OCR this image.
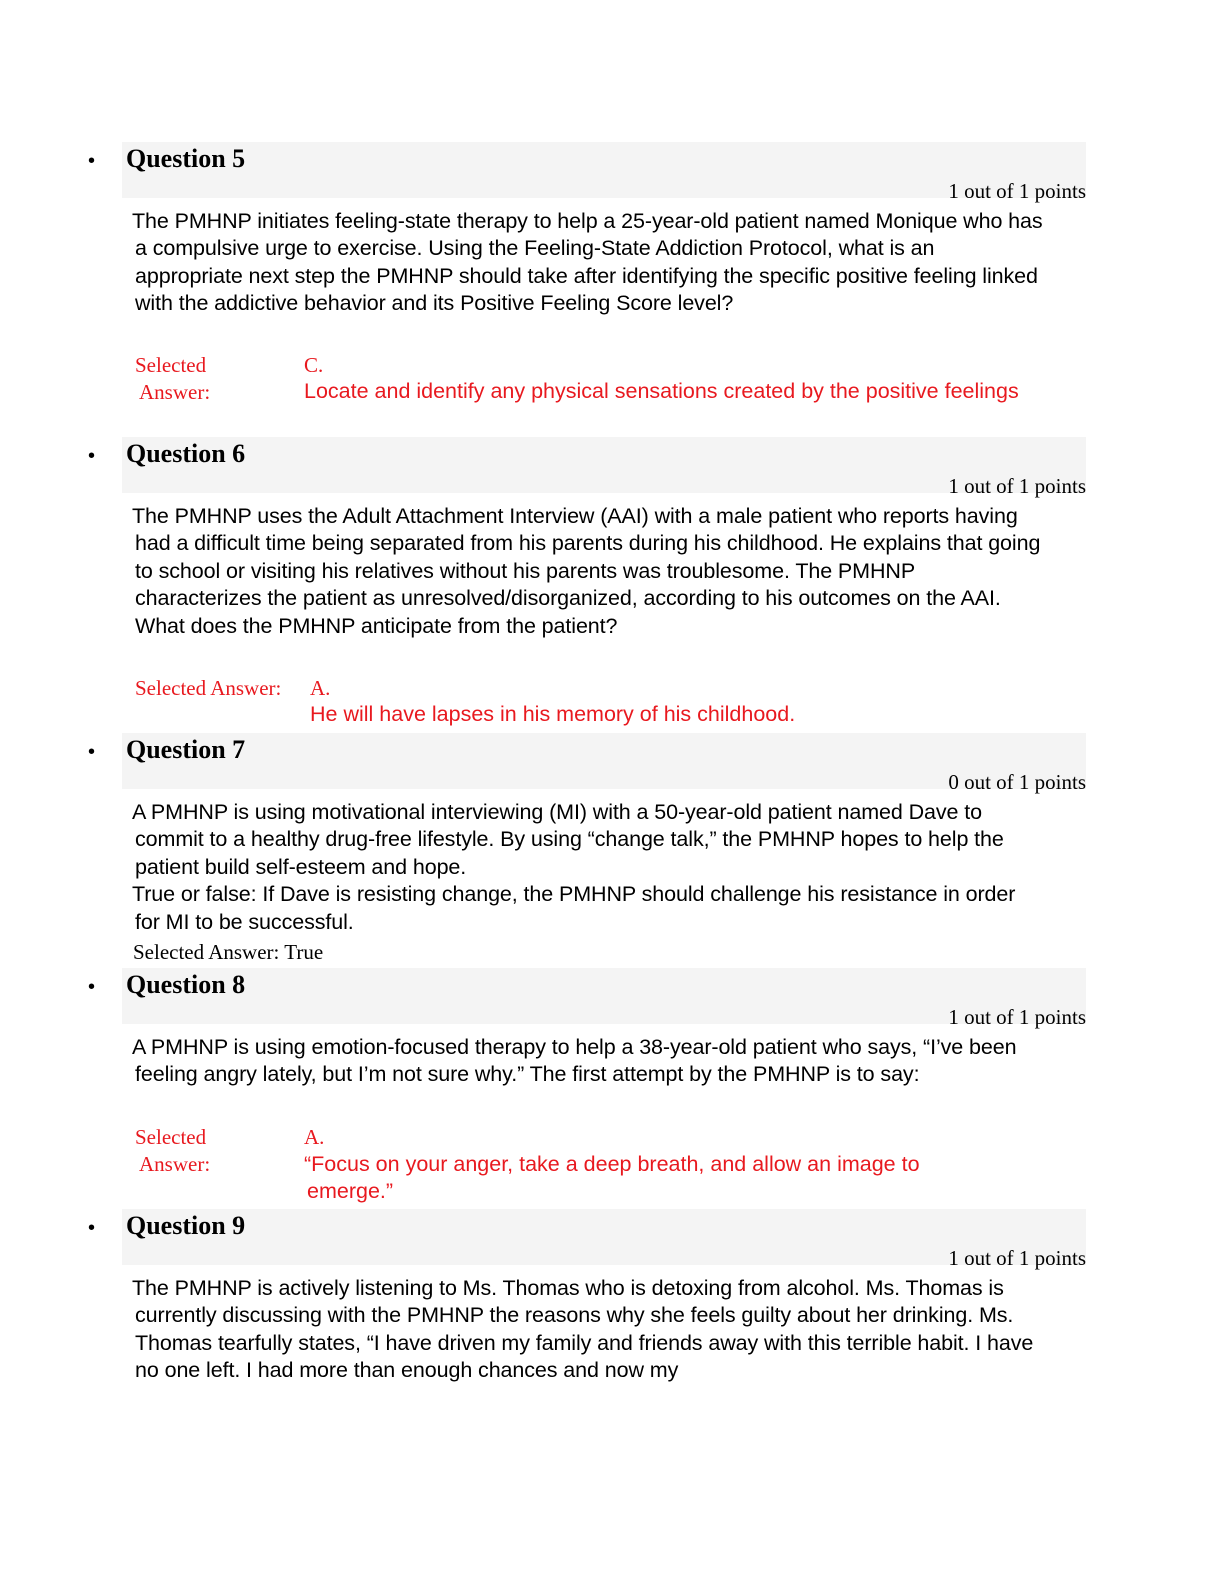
• Question 5
1 out of 1 points

The PMHNP initiates feeling-state therapy to help a 25-year-old patient named Monique who has a compulsive urge to exercise. Using the Feeling-State Addiction Protocol, what is an appropriate next step the PMHNP should take after identifying the specific positive feeling linked with the addictive behavior and its Positive Feeling Score level?

Selected
Answer:
C.
Locate and identify any physical sensations created by the positive feelings
• Question 6
1 out of 1 points

The PMHNP uses the Adult Attachment Interview (AAI) with a male patient who reports having had a difficult time being separated from his parents during his childhood. He explains that going to school or visiting his relatives without his parents was troublesome. The PMHNP characterizes the patient as unresolved/disorganized, according to his outcomes on the AAI. What does the PMHNP anticipate from the patient?

Selected Answer: A.
He will have lapses in his memory of his childhood.
• Question 7
0 out of 1 points

A PMHNP is using motivational interviewing (MI) with a 50-year-old patient named Dave to commit to a healthy drug-free lifestyle. By using “change talk,” the PMHNP hopes to help the patient build self-esteem and hope.

True or false: If Dave is resisting change, the PMHNP should challenge his resistance in order for MI to be successful.

Selected Answer: True
• Question 8
1 out of 1 points

A PMHNP is using emotion-focused therapy to help a 38-year-old patient who says, “I’ve been feeling angry lately, but I’m not sure why.” The first attempt by the PMHNP is to say:

Selected
Answer:
A.
“Focus on your anger, take a deep breath, and allow an image to emerge.”
• Question 9
1 out of 1 points

The PMHNP is actively listening to Ms. Thomas who is detoxing from alcohol. Ms. Thomas is currently discussing with the PMHNP the reasons why she feels guilty about her drinking. Ms. Thomas tearfully states, “I have driven my family and friends away with this terrible habit. I have no one left. I had more than enough chances and now my
